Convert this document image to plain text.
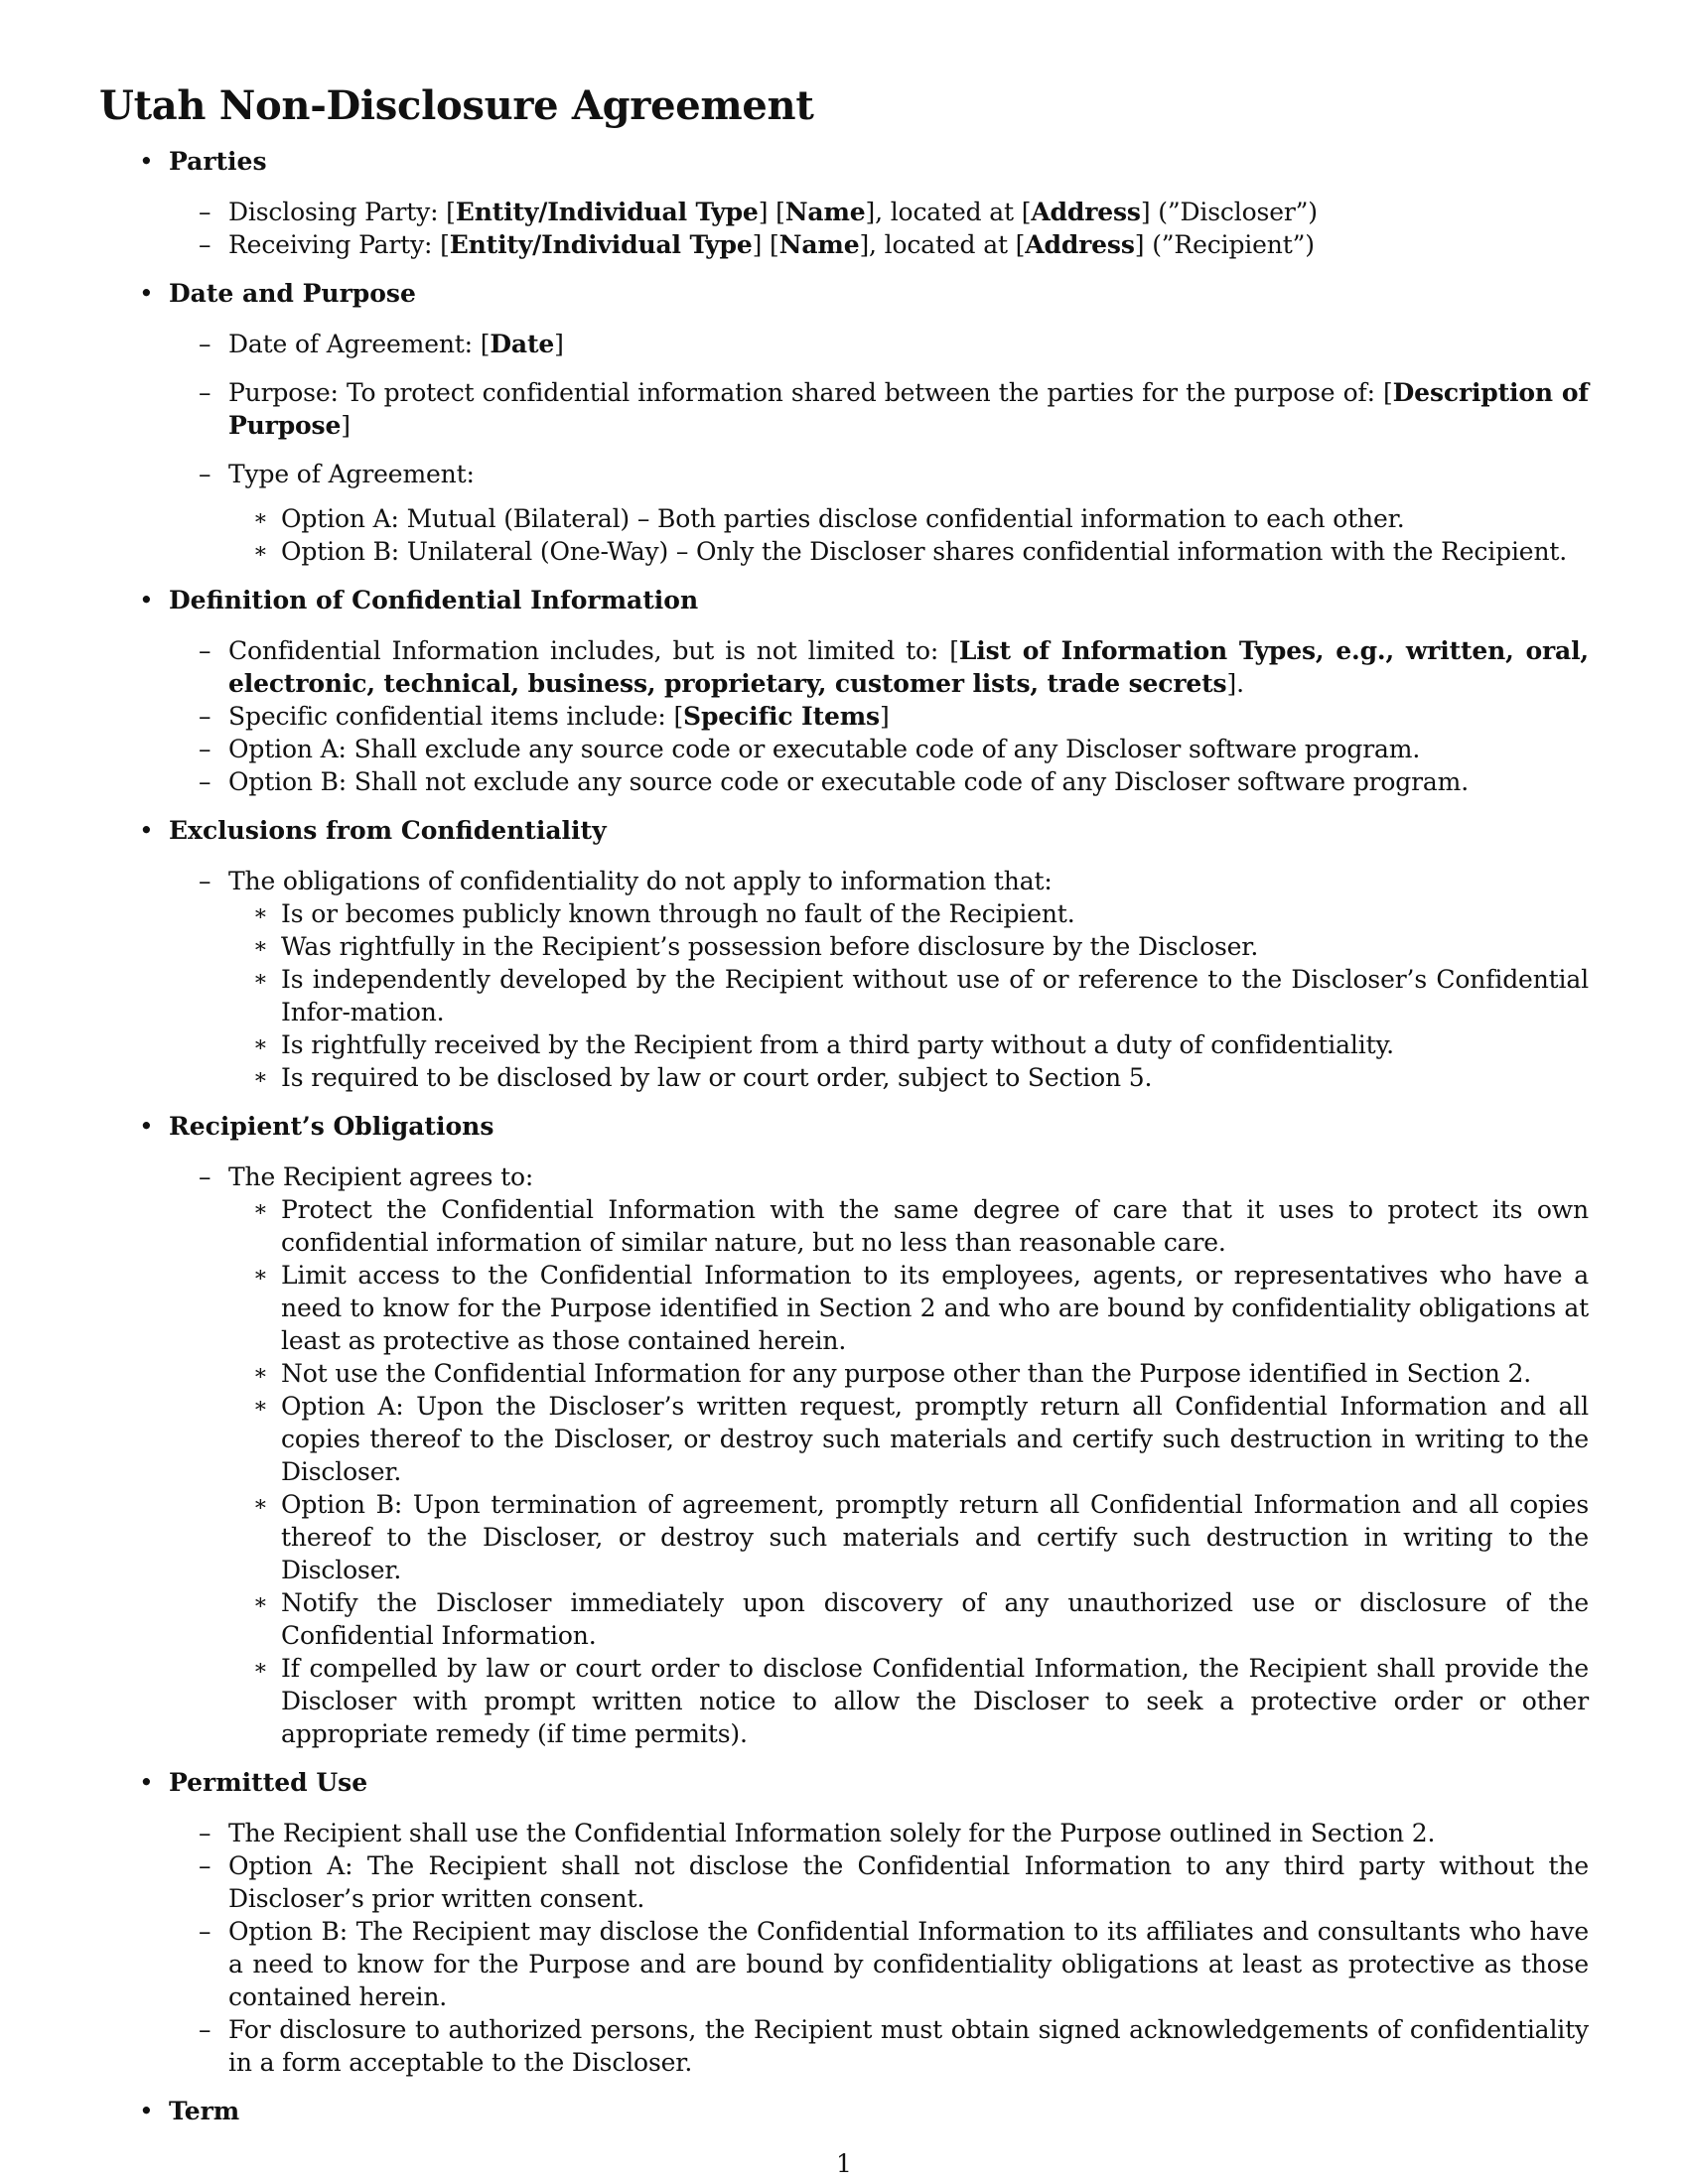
Utah Non-Disclosure Agreement
• Parties
– Disclosing Party: [Entity/Individual Type] [Name], located at [Address] (”Discloser”)
– Receiving Party: [Entity/Individual Type] [Name], located at [Address] (”Recipient”)
• Date and Purpose
– Date of Agreement: [Date]
– Purpose: To protect confidential information shared between the parties for the purpose of: [Description of Purpose]
– Type of Agreement:
∗ Option A: Mutual (Bilateral) – Both parties disclose confidential information to each other.
∗ Option B: Unilateral (One-Way) – Only the Discloser shares confidential information with the Recipient.
• Definition of Confidential Information
– Confidential Information includes, but is not limited to: [List of Information Types, e.g., written, oral, electronic, technical, business, proprietary, customer lists, trade secrets].
– Specific confidential items include: [Specific Items]
– Option A: Shall exclude any source code or executable code of any Discloser software program.
– Option B: Shall not exclude any source code or executable code of any Discloser software program.
• Exclusions from Confidentiality
– The obligations of confidentiality do not apply to information that:
∗ Is or becomes publicly known through no fault of the Recipient.
∗ Was rightfully in the Recipient’s possession before disclosure by the Discloser.
∗ Is independently developed by the Recipient without use of or reference to the Discloser’s Confidential Infor-mation.
∗ Is rightfully received by the Recipient from a third party without a duty of confidentiality.
∗ Is required to be disclosed by law or court order, subject to Section 5.
• Recipient’s Obligations
– The Recipient agrees to:
∗ Protect the Confidential Information with the same degree of care that it uses to protect its own confidential information of similar nature, but no less than reasonable care.
∗ Limit access to the Confidential Information to its employees, agents, or representatives who have a need to know for the Purpose identified in Section 2 and who are bound by confidentiality obligations at least as protective as those contained herein.
∗ Not use the Confidential Information for any purpose other than the Purpose identified in Section 2.
∗ Option A: Upon the Discloser’s written request, promptly return all Confidential Information and all copies thereof to the Discloser, or destroy such materials and certify such destruction in writing to the Discloser.
∗ Option B: Upon termination of agreement, promptly return all Confidential Information and all copies thereof to the Discloser, or destroy such materials and certify such destruction in writing to the Discloser.
∗ Notify the Discloser immediately upon discovery of any unauthorized use or disclosure of the Confidential Information.
∗ If compelled by law or court order to disclose Confidential Information, the Recipient shall provide the Discloser with prompt written notice to allow the Discloser to seek a protective order or other appropriate remedy (if time permits).
• Permitted Use
– The Recipient shall use the Confidential Information solely for the Purpose outlined in Section 2.
– Option A: The Recipient shall not disclose the Confidential Information to any third party without the Discloser’s prior written consent.
– Option B: The Recipient may disclose the Confidential Information to its affiliates and consultants who have a need to know for the Purpose and are bound by confidentiality obligations at least as protective as those contained herein.
– For disclosure to authorized persons, the Recipient must obtain signed acknowledgements of confidentiality in a form acceptable to the Discloser.
• Term
1
